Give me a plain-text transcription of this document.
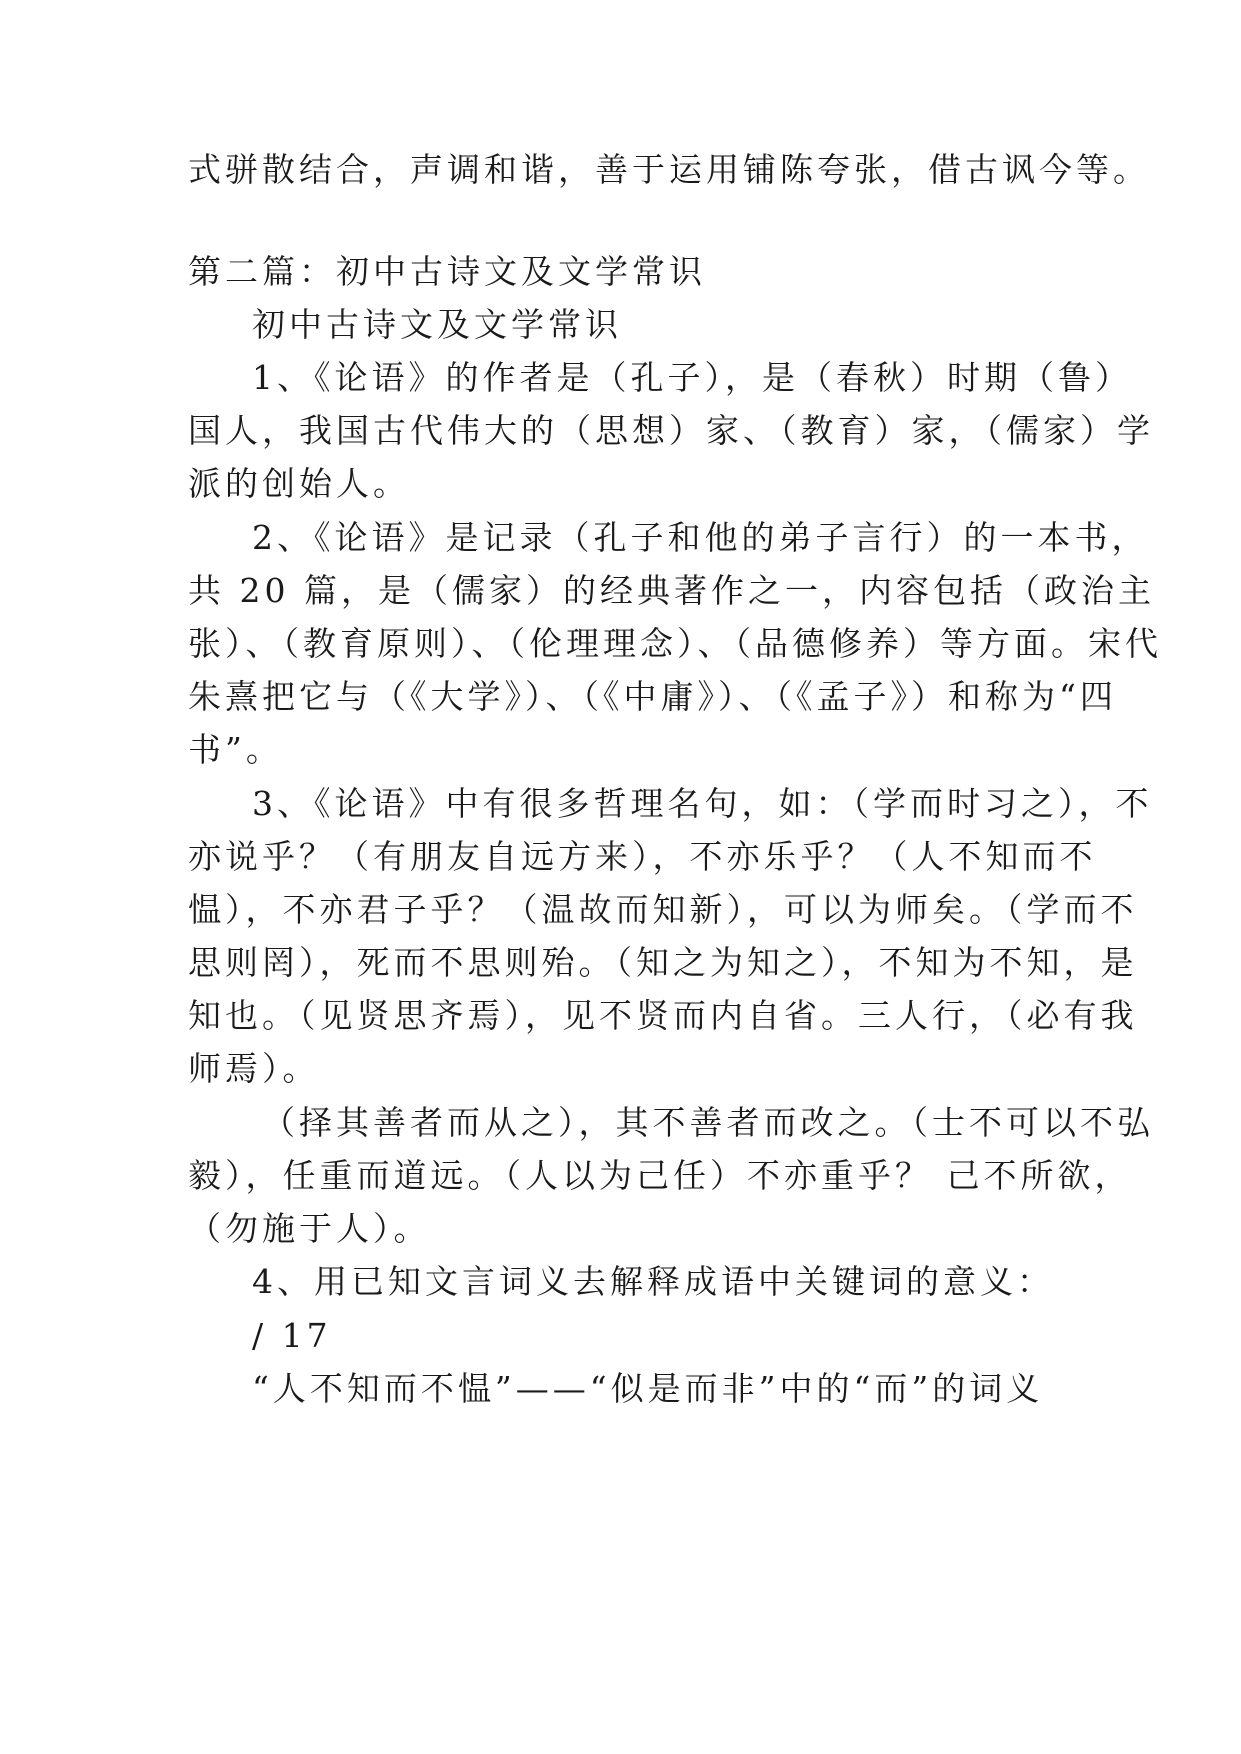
式骈散结合，声调和谐，善于运用铺陈夸张，借古讽今等。
第二篇：初中古诗文及文学常识
初中古诗文及文学常识
1、《论语》的作者是（孔子），是（春秋）时期（鲁）
国人，我国古代伟大的（思想）家、（教育）家，（儒家）学
派的创始人。
2、《论语》是记录（孔子和他的弟子言行）的一本书，
共 20 篇，是（儒家）的经典著作之一，内容包括（政治主
张）、（教育原则）、（伦理理念）、（品德修养）等方面。宋代
朱熹把它与（《大学》）、（《中庸》）、（《孟子》）和称为“四
书”。
3、《论语》中有很多哲理名句，如：（学而时习之），不
亦说乎？（有朋友自远方来），不亦乐乎？（人不知而不
愠），不亦君子乎？（温故而知新），可以为师矣。（学而不
思则罔），死而不思则殆。（知之为知之），不知为不知，是
知也。（见贤思齐焉），见不贤而内自省。三人行，（必有我
师焉）。
（择其善者而从之），其不善者而改之。（士不可以不弘
毅），任重而道远。（人以为己任）不亦重乎？ 己不所欲，
（勿施于人）。
4、用已知文言词义去解释成语中关键词的意义：
/ 17
“人不知而不愠”——“似是而非”中的“而”的词义
